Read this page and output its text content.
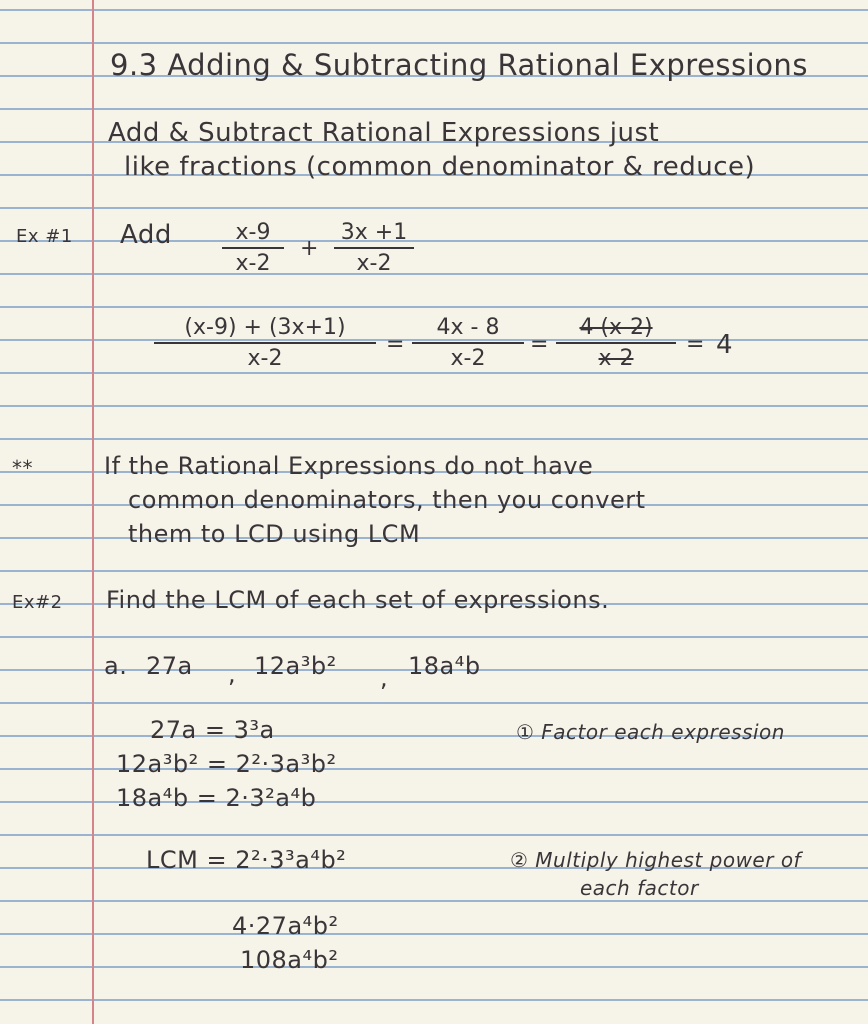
9.3 Adding & Subtracting Rational Expressions
Add & Subtract Rational Expressions just
like fractions (common denominator & reduce)
Ex #1 Add	x-9
x-2
+
3x +1
x-2
(x-9) + (3x+1)
x-2
=
4x - 8
x-2
=
4 (x-2)
x-2
= 4
**	If the Rational Expressions do not have
common denominators, then you convert
them to LCD using LCM
Ex#2 Find the LCM of each set of expressions.
a. 27a , 12a³b² , 18a⁴b
27a = 3³a
12a³b² = 2²·3a³b²
18a⁴b = 2·3²a⁴b
① Factor each expression
LCM = 2²·3³a⁴b²	② Multiply highest power of
each factor
4·27a⁴b²
108a⁴b²
